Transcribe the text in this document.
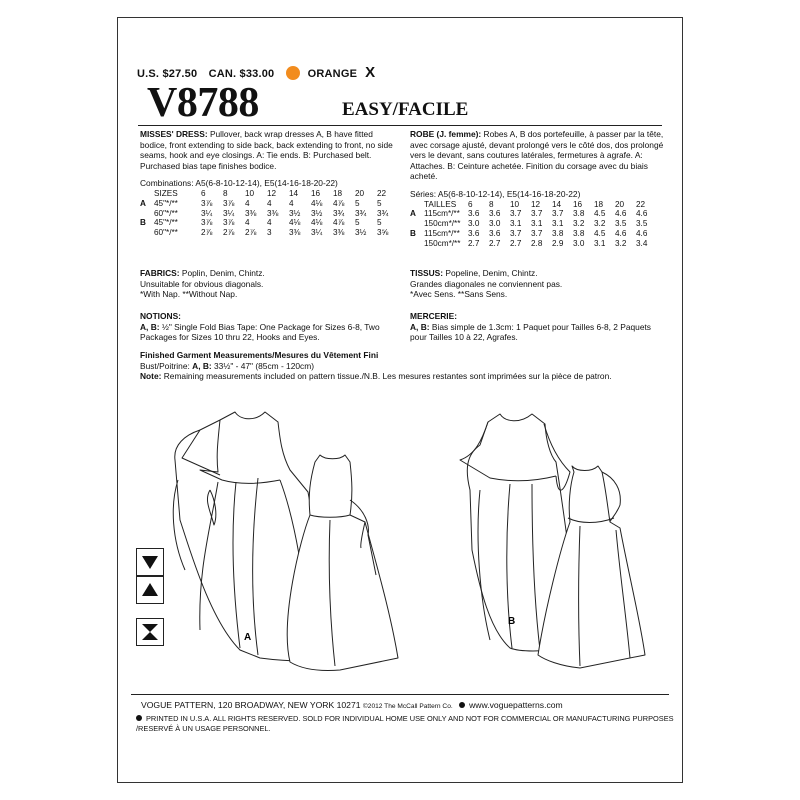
U.S. $27.50 CAN. $33.00	ORANGE X
V8788	EASY/FACILE

MISSES' DRESS: Pullover, back wrap dresses A, B have fitted bodice, front extending to side back, back extending to front, no side seams, hook and eye closings. A: Tie ends. B: Purchased belt. Purchased bias tape finishes bodice.

Combinations: A5(6-8-10-12-14), E5(14-16-18-20-22)
	SIZES	6	8	10	12	14	16	18	20	22
A	45"*/**	3⅞	3⅞	4	4	4	4⅛	4⅞	5	5
	60"*/**	3¼	3¼	3⅜	3⅜	3½	3½	3¾	3¾	3¾
B	45"*/**	3⅞	3⅞	4	4	4⅛	4⅛	4⅞	5	5
	60"*/**	2⅞	2⅞	2⅞	3	3⅜	3¼	3⅜	3½	3⅝

ROBE (J. femme): Robes A, B dos portefeuille, à passer par la tête, avec corsage ajusté, devant prolongé vers le côté dos, dos prolongé vers le devant, sans coutures latérales, fermetures à agrafe. A: Attaches. B: Ceinture achetée. Finition du corsage avec du biais acheté.

Séries: A5(6-8-10-12-14), E5(14-16-18-20-22)
	TAILLES	6	8	10	12	14	16	18	20	22
A	115cm*/**	3.6	3.6	3.7	3.7	3.7	3.8	4.5	4.6	4.6
	150cm*/**	3.0	3.0	3.1	3.1	3.1	3.2	3.2	3.5	3.5
B	115cm*/**	3.6	3.6	3.7	3.7	3.8	3.8	4.5	4.6	4.6
	150cm*/**	2.7	2.7	2.7	2.8	2.9	3.0	3.1	3.2	3.4
FABRICS: Poplin, Denim, Chintz.
Unsuitable for obvious diagonals.
*With Nap. **Without Nap.
NOTIONS:
A, B: ½" Single Fold Bias Tape: One Package for Sizes 6-8, Two Packages for Sizes 10 thru 22, Hooks and Eyes.
TISSUS: Popeline, Denim, Chintz.
Grandes diagonales ne conviennent pas.
*Avec Sens. **Sans Sens.
MERCERIE:
A, B: Bias simple de 1.3cm: 1 Paquet pour Tailles 6-8, 2 Paquets pour Tailles 10 à 22, Agrafes.
Finished Garment Measurements/Mesures du Vêtement Fini
Bust/Poitrine: A, B: 33½" - 47" (85cm - 120cm)
Note: Remaining measurements included on pattern tissue./N.B. Les mesures restantes sont imprimées sur la pièce de patron.
A
B
VOGUE PATTERN, 120 BROADWAY, NEW YORK 10271 ©2012 The McCall Pattern Co. www.voguepatterns.com
PRINTED IN U.S.A. ALL RIGHTS RESERVED. SOLD FOR INDIVIDUAL HOME USE ONLY AND NOT FOR COMMERCIAL OR MANUFACTURING PURPOSES /RESERVÉ À UN USAGE PERSONNEL.
